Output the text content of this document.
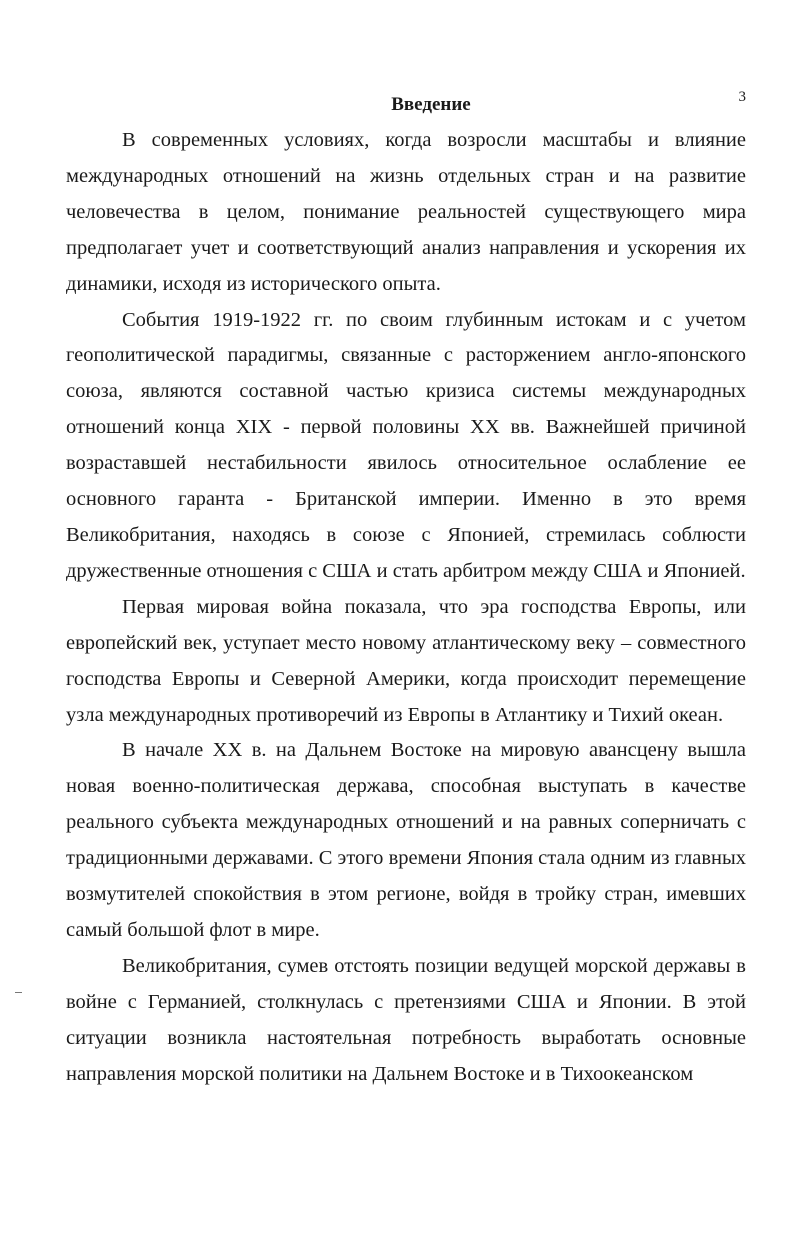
3
Введение

В современных условиях, когда возросли масштабы и влияние международных отношений на жизнь отдельных стран и на развитие человечества в целом, понимание реальностей существующего мира предполагает учет и соответствующий анализ направления и ускорения их динамики, исходя из исторического опыта.

События 1919-1922 гг. по своим глубинным истокам и с учетом геополитической парадигмы, связанные с расторжением англо-японского союза, являются составной частью кризиса системы международных отношений конца XIX - первой половины XX вв. Важнейшей причиной возраставшей нестабильности явилось относительное ослабление ее основного гаранта - Британской империи. Именно в это время Великобритания, находясь в союзе с Японией, стремилась соблюсти дружественные отношения с США и стать арбитром между США и Японией.

Первая мировая война показала, что эра господства Европы, или европейский век, уступает место новому атлантическому веку – совместного господства Европы и Северной Америки, когда происходит перемещение узла международных противоречий из Европы в Атлантику и Тихий океан.

В начале XX в. на Дальнем Востоке на мировую авансцену вышла новая военно-политическая держава, способная выступать в качестве реального субъекта международных отношений и на равных соперничать с традиционными державами. С этого времени Япония стала одним из главных возмутителей спокойствия в этом регионе, войдя в тройку стран, имевших самый большой флот в мире.

Великобритания, сумев отстоять позиции ведущей морской державы в войне с Германией, столкнулась с претензиями США и Японии. В этой ситуации возникла настоятельная потребность выработать основные направления морской политики на Дальнем Востоке и в Тихоокеанском
